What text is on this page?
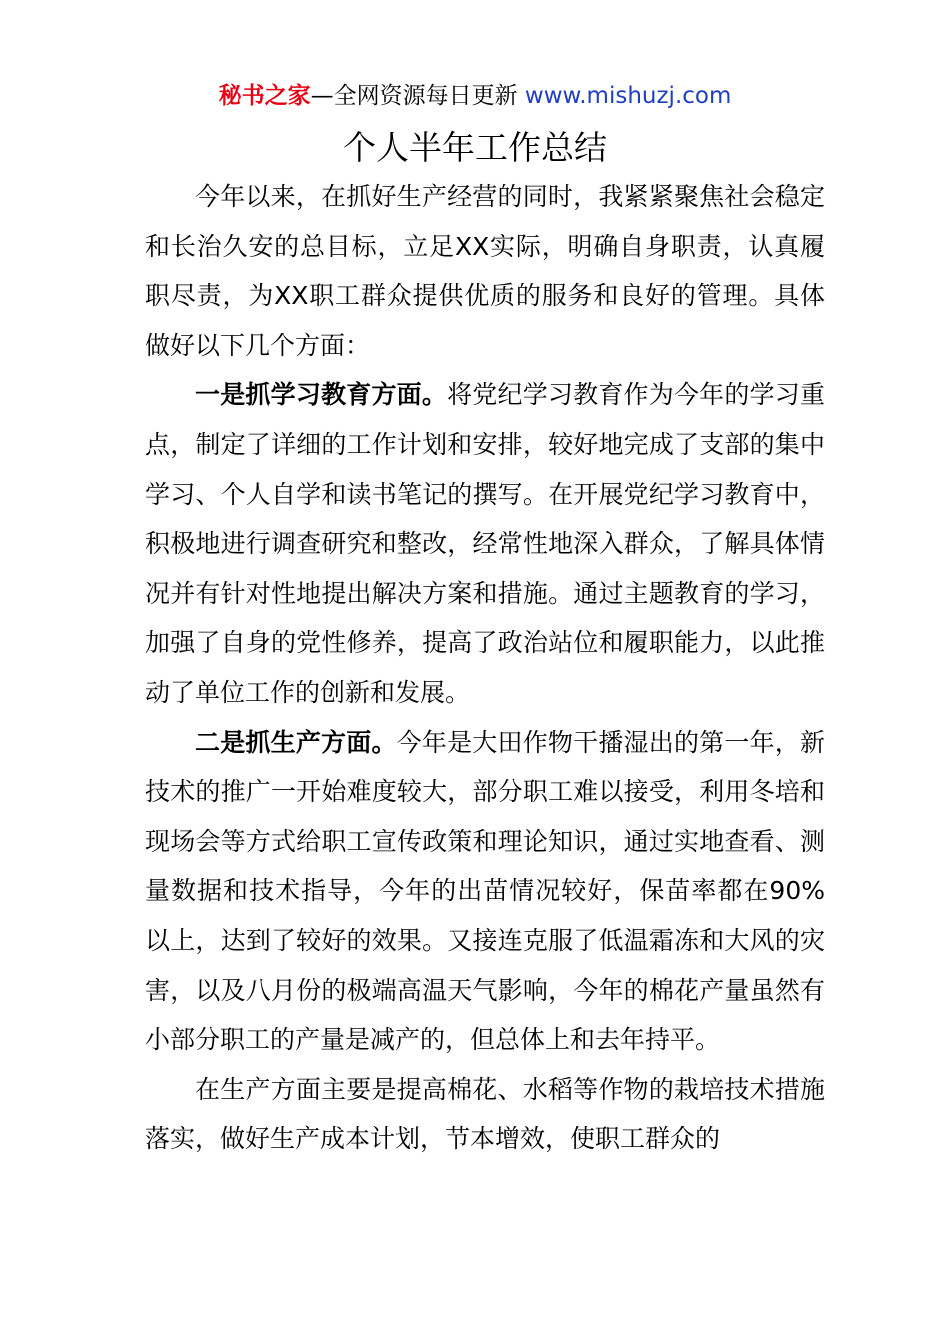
秘书之家—全网资源每日更新 www.mishuzj.com
个人半年工作总结

今年以来，在抓好生产经营的同时，我紧紧聚焦社会稳定和长治久安的总目标，立足XX实际，明确自身职责，认真履职尽责，为XX职工群众提供优质的服务和良好的管理。具体做好以下几个方面：

一是抓学习教育方面。将党纪学习教育作为今年的学习重点，制定了详细的工作计划和安排，较好地完成了支部的集中学习、个人自学和读书笔记的撰写。在开展党纪学习教育中，积极地进行调查研究和整改，经常性地深入群众，了解具体情况并有针对性地提出解决方案和措施。通过主题教育的学习，加强了自身的党性修养，提高了政治站位和履职能力，以此推动了单位工作的创新和发展。

二是抓生产方面。今年是大田作物干播湿出的第一年，新技术的推广一开始难度较大，部分职工难以接受，利用冬培和现场会等方式给职工宣传政策和理论知识，通过实地查看、测量数据和技术指导，今年的出苗情况较好，保苗率都在90%以上，达到了较好的效果。又接连克服了低温霜冻和大风的灾害，以及八月份的极端高温天气影响，今年的棉花产量虽然有小部分职工的产量是减产的，但总体上和去年持平。

在生产方面主要是提高棉花、水稻等作物的栽培技术措施落实，做好生产成本计划，节本增效，使职工群众的
